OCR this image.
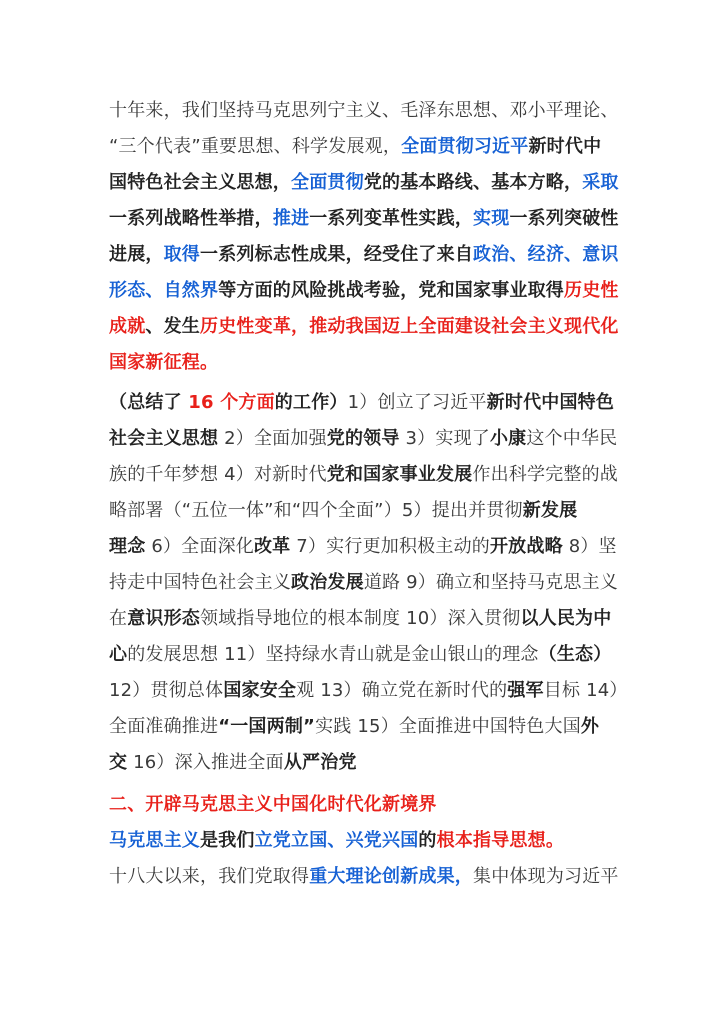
十年来，我们坚持马克思列宁主义、毛泽东思想、邓小平理论、
“三个代表”重要思想、科学发展观，全面贯彻习近平新时代中
国特色社会主义思想，全面贯彻党的基本路线、基本方略，采取
一系列战略性举措，推进一系列变革性实践，实现一系列突破性
进展，取得一系列标志性成果，经受住了来自政治、经济、意识
形态、自然界等方面的风险挑战考验，党和国家事业取得历史性
成就、发生历史性变革，推动我国迈上全面建设社会主义现代化
国家新征程。
（总结了 16 个方面的工作）1）创立了习近平新时代中国特色
社会主义思想 2）全面加强党的领导 3）实现了小康这个中华民
族的千年梦想 4）对新时代党和国家事业发展作出科学完整的战
略部署（“五位一体”和“四个全面”）5）提出并贯彻新发展
理念 6）全面深化改革 7）实行更加积极主动的开放战略 8）坚
持走中国特色社会主义政治发展道路 9）确立和坚持马克思主义
在意识形态领域指导地位的根本制度 10）深入贯彻以人民为中
心的发展思想 11）坚持绿水青山就是金山银山的理念（生态）
12）贯彻总体国家安全观 13）确立党在新时代的强军目标 14）
全面准确推进“一国两制”实践 15）全面推进中国特色大国外
交 16）深入推进全面从严治党
二、开辟马克思主义中国化时代化新境界
马克思主义是我们立党立国、兴党兴国的根本指导思想。
十八大以来，我们党取得重大理论创新成果，集中体现为习近平
